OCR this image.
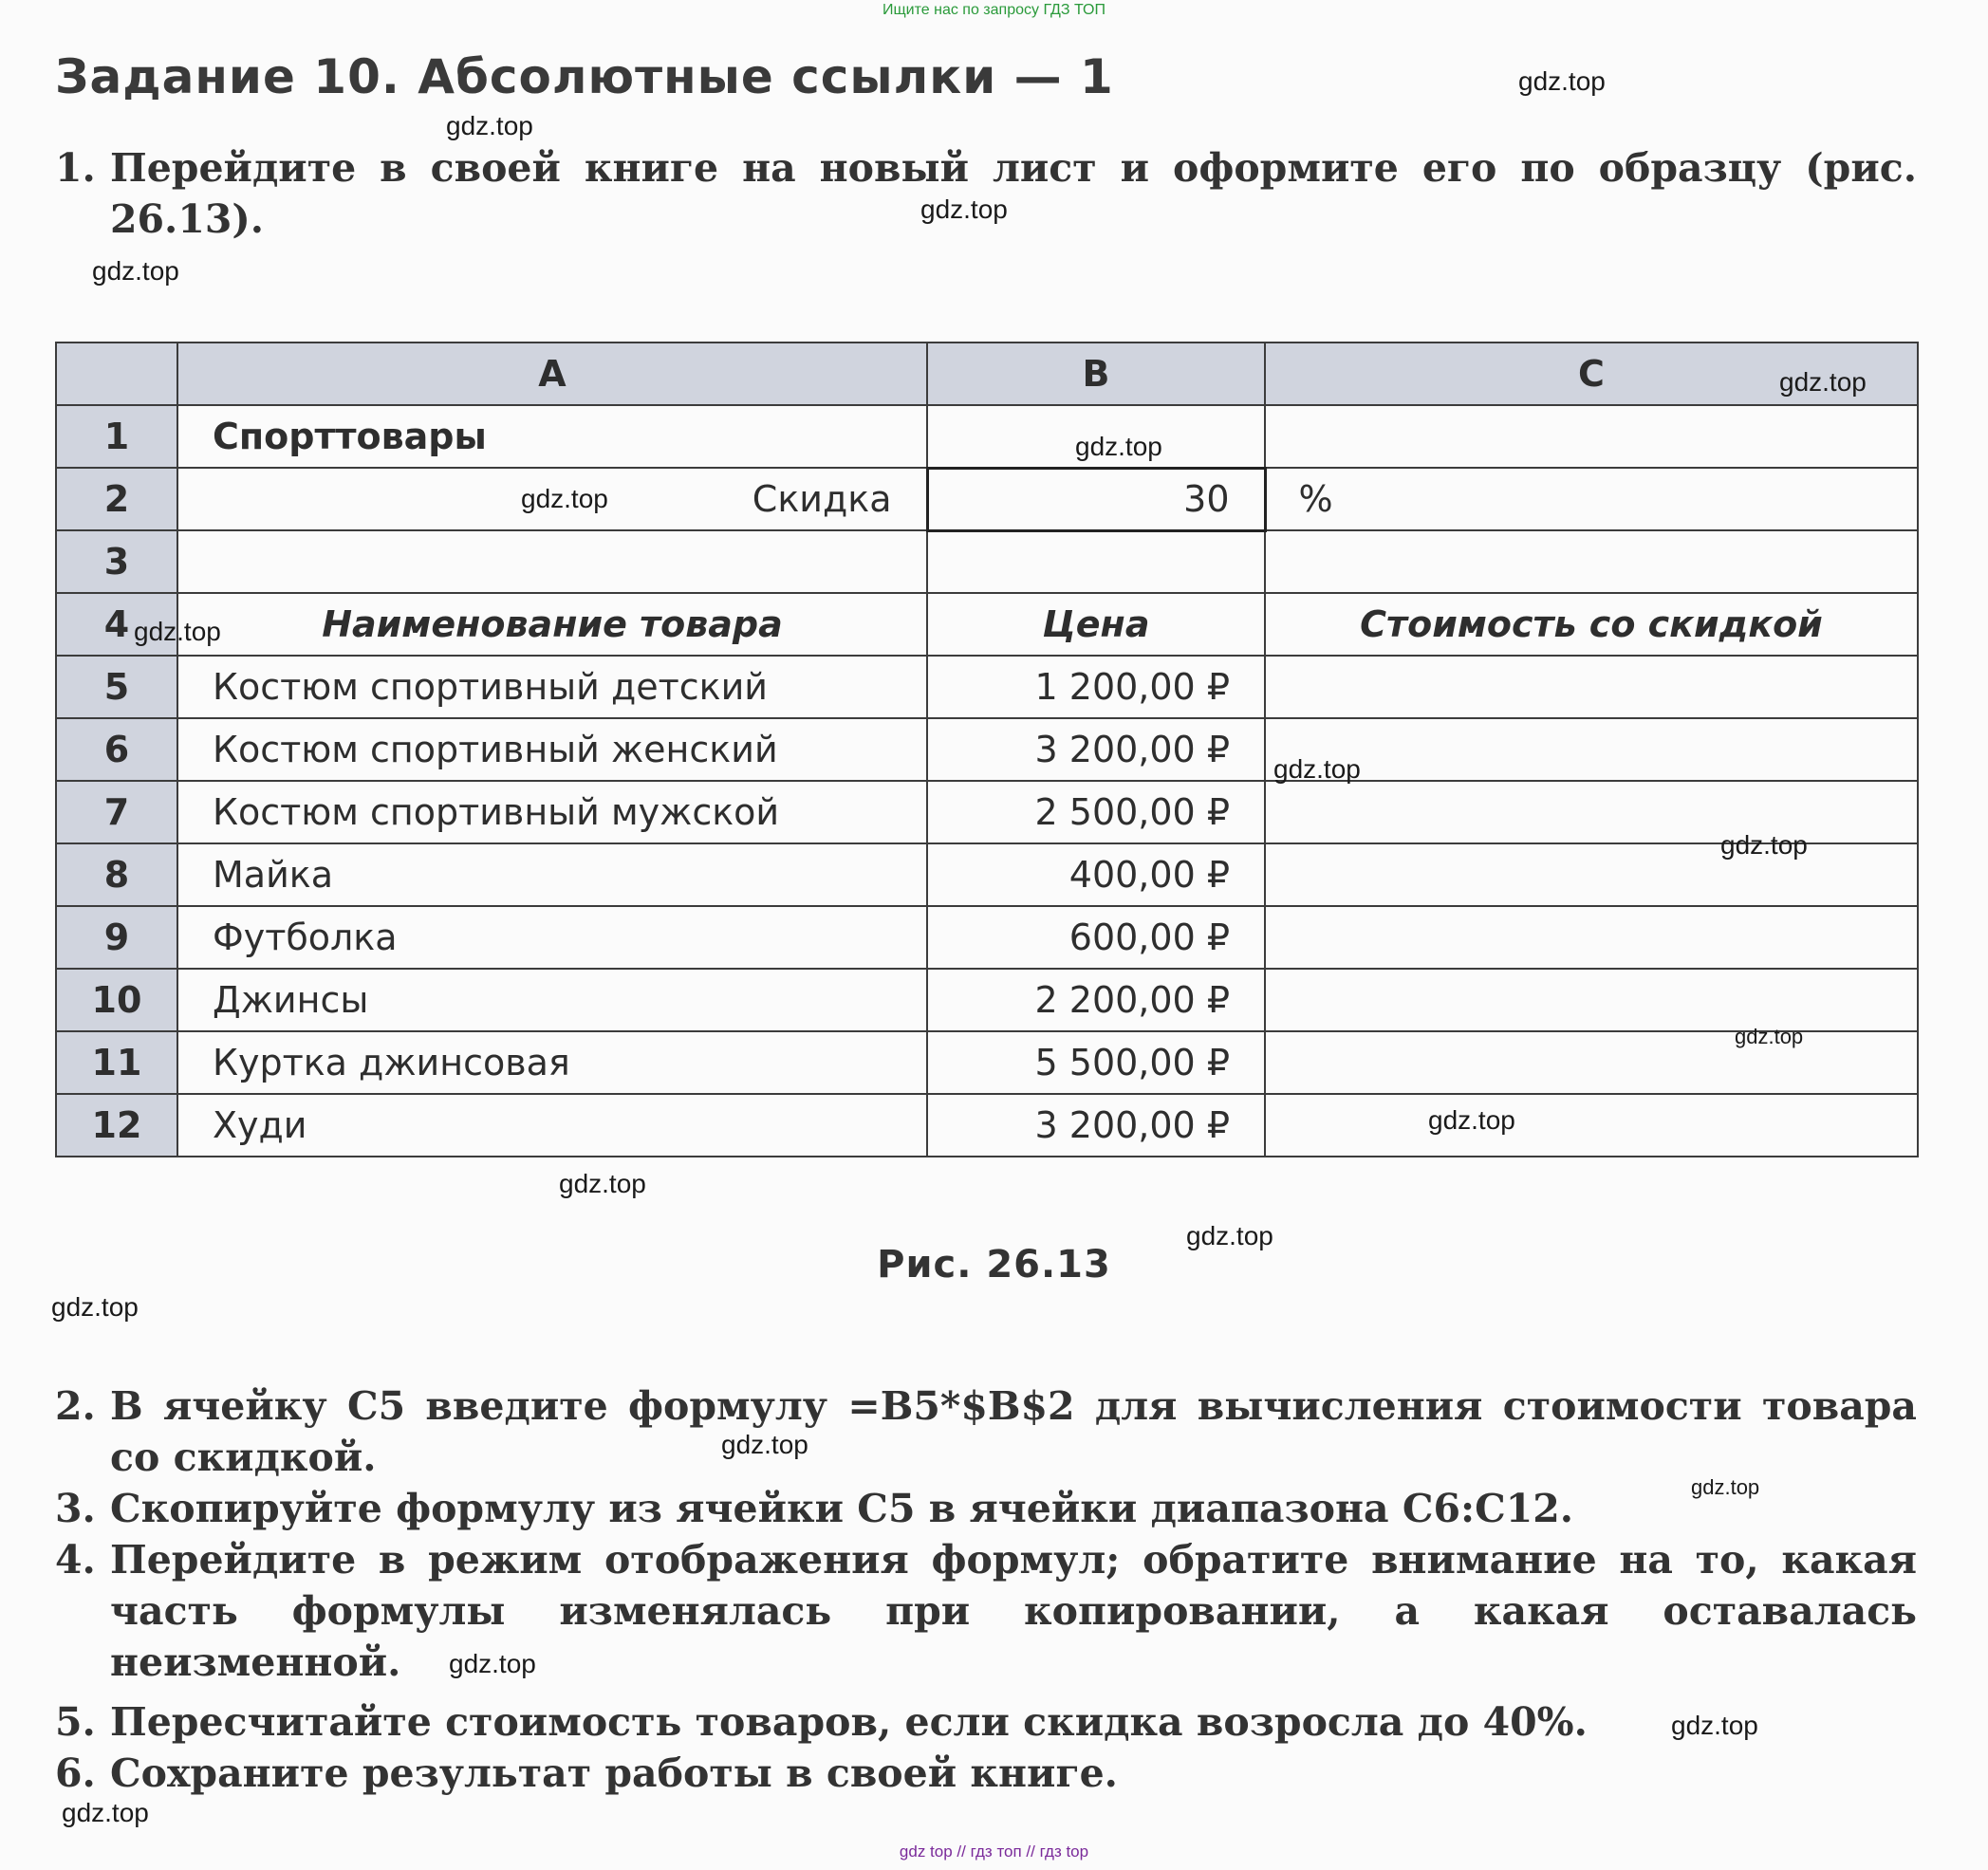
Ищите нас по запросу ГДЗ ТОП
Задание 10. Абсолютные ссылки — 1
1. Перейдите в своей книге на новый лист и оформите его по образцу (рис. 26.13).
	A	B	C
1	Спорттовары		
2	Скидка	30	%
3			
4	Наименование товара	Цена	Стоимость со скидкой
5	Костюм спортивный детский	1 200,00 ₽	
6	Костюм спортивный женский	3 200,00 ₽	
7	Костюм спортивный мужской	2 500,00 ₽	
8	Майка	400,00 ₽	
9	Футболка	600,00 ₽	
10	Джинсы	2 200,00 ₽	
11	Куртка джинсовая	5 500,00 ₽	
12	Худи	3 200,00 ₽	
Рис. 26.13
2. В ячейку C5 введите формулу =B5*$B$2 для вычисления стоимости товара со скидкой.
3. Скопируйте формулу из ячейки C5 в ячейки диапазона C6:C12.
4. Перейдите в режим отображения формул; обратите внимание на то, какая часть формулы изменялась при копировании, а какая оставалась неизменной.
5. Пересчитайте стоимость товаров, если скидка возросла до 40%.
6. Сохраните результат работы в своей книге.
gdz.top
gdz.top
gdz.top
gdz.top
gdz.top
gdz.top
gdz.top
gdz.top
gdz.top
gdz.top
gdz.top
gdz.top
gdz.top
gdz.top
gdz.top
gdz.top
gdz.top
gdz.top
gdz.top
gdz.top
gdz top // гдз топ // гдз top
